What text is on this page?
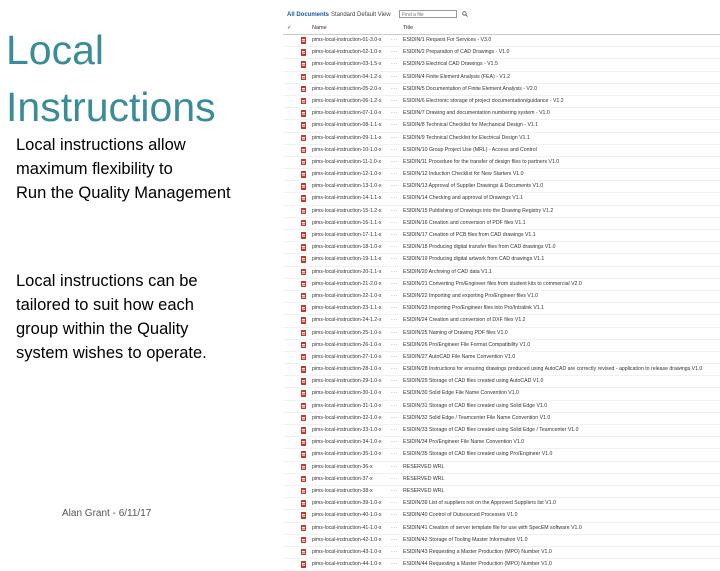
Local
Instructions
Local instructions allow
maximum flexibility to
Run the Quality Management
Local instructions can be
tailored to suit how each
group within the Quality
system wishes to operate.
Alan Grant - 6/11/17
All Documents Standard Default View	Find a file
✓	Name	Title
pims-local-instruction-01-3.0-x ··· ESIDIN/1 Request For Services - V3.0
pims-local-instruction-02-1.0-x ··· ESIDIN/2 Preparation of CAD Drawings - V1.0
pims-local-instruction-03-1.5-x ··· ESIDIN/3 Electrical CAD Drawings - V1.5
pims-local-instruction-04-1.2-x ··· ESIDIN/4 Finite Element Analysis (FEA) - V1.2
pims-local-instruction-05-2.0-x ··· ESIDIN/5 Documentation of Finite Element Analysis - V2.0
pims-local-instruction-06-1.2-x ··· ESIDIN/6 Electronic storage of project documentation/guidance - V1.2
pims-local-instruction-07-1.0-x ··· ESIDIN/7 Drawing and documentation numbering system - V1.0
pims-local-instruction-08-1.1-x ··· ESIDIN/8 Technical Checklist for Mechanical Design - V1.1
pims-local-instruction-09-1.1-x ··· ESIDIN/9 Technical Checklist for Electrical Design V1.1
pims-local-instruction-10-1.0-x ··· ESIDIN/10 Group Project Use (MRL) - Access and Control
pims-local-instruction-11-1.0-x ··· ESIDIN/11 Procedure for the transfer of design files to partners V1.0
pims-local-instruction-12-1.0-x ··· ESIDIN/12 Induction Checklist for New Starters V1.0
pims-local-instruction-13-1.0-x ··· ESIDIN/13 Approval of Supplier Drawings & Documents V1.0
pims-local-instruction-14-1.1-x ··· ESIDIN/14 Checking and approval of Drawings V1.1
pims-local-instruction-15-1.2-x ··· ESIDIN/15 Publishing of Drawings into the Drawing Registry V1.2
pims-local-instruction-16-1.1-x ··· ESIDIN/16 Creation and conversion of PDF files V1.1
pims-local-instruction-17-1.1-x ··· ESIDIN/17 Creation of PCB files from CAD drawings V1.1
pims-local-instruction-18-1.0-x ··· ESIDIN/18 Producing digital transfer files from CAD drawings V1.0
pims-local-instruction-19-1.1-x ··· ESIDIN/19 Producing digital artwork from CAD drawings V1.1
pims-local-instruction-20-1.1-x ··· ESIDIN/20 Archiving of CAD data V1.1
pims-local-instruction-21-2.0-x ··· ESIDIN/21 Converting Pro/Engineer files from student kits to commercial V2.0
pims-local-instruction-22-1.0-x ··· ESIDIN/22 Importing and exporting Pro/Engineer files V1.0
pims-local-instruction-23-1.1-x ··· ESIDIN/23 Importing Pro/Engineer files into Pro/Intralink V1.1
pims-local-instruction-24-1.2-x ··· ESIDIN/24 Creation and conversion of DXF files V1.2
pims-local-instruction-25-1.0-x ··· ESIDIN/25 Naming of Drawing PDF files V1.0
pims-local-instruction-26-1.0-x ··· ESIDIN/26 Pro/Engineer File Format Compatibility V1.0
pims-local-instruction-27-1.0-x ··· ESIDIN/27 AutoCAD File Name Convention V1.0
pims-local-instruction-28-1.0-x ··· ESIDIN/28 Instructions for ensuring drawings produced using AutoCAD are correctly revised - application to release drawings V1.0
pims-local-instruction-29-1.0-x ··· ESIDIN/29 Storage of CAD files created using AutoCAD V1.0
pims-local-instruction-30-1.0-x ··· ESIDIN/30 Solid Edge File Name Convention V1.0
pims-local-instruction-31-1.0-x ··· ESIDIN/31 Storage of CAD files created using Solid Edge V1.0
pims-local-instruction-32-1.0-x ··· ESIDIN/32 Solid Edge / Teamcenter File Name Convention V1.0
pims-local-instruction-33-1.0-x ··· ESIDIN/33 Storage of CAD files created using Solid Edge / Teamcenter V1.0
pims-local-instruction-34-1.0-x ··· ESIDIN/34 Pro/Engineer File Name Convention V1.0
pims-local-instruction-35-1.0-x ··· ESIDIN/35 Storage of CAD files created using Pro/Engineer V1.0
pims-local-instruction-36-x	··· RESERVED WRL
pims-local-instruction-37-x	··· RESERVED WRL
pims-local-instruction-38-x	··· RESERVED WRL
pims-local-instruction-39-1.0-x ··· ESIDIN/39 List of suppliers not on the Approved Suppliers list V1.0
pims-local-instruction-40-1.0-x ··· ESIDIN/40 Control of Outsourced Processes V1.0
pims-local-instruction-41-1.0-x ··· ESIDIN/41 Creation of server template file for use with SpecEM software V1.0
pims-local-instruction-42-1.0-x ··· ESIDIN/42 Storage of Tooling Master Information V1.0
pims-local-instruction-43-1.0-x ··· ESIDIN/43 Requesting a Master Production (MPO) Number V1.0
pims-local-instruction-44-1.0-x ··· ESIDIN/44 Requesting a Master Production (MPO) Number V1.0
